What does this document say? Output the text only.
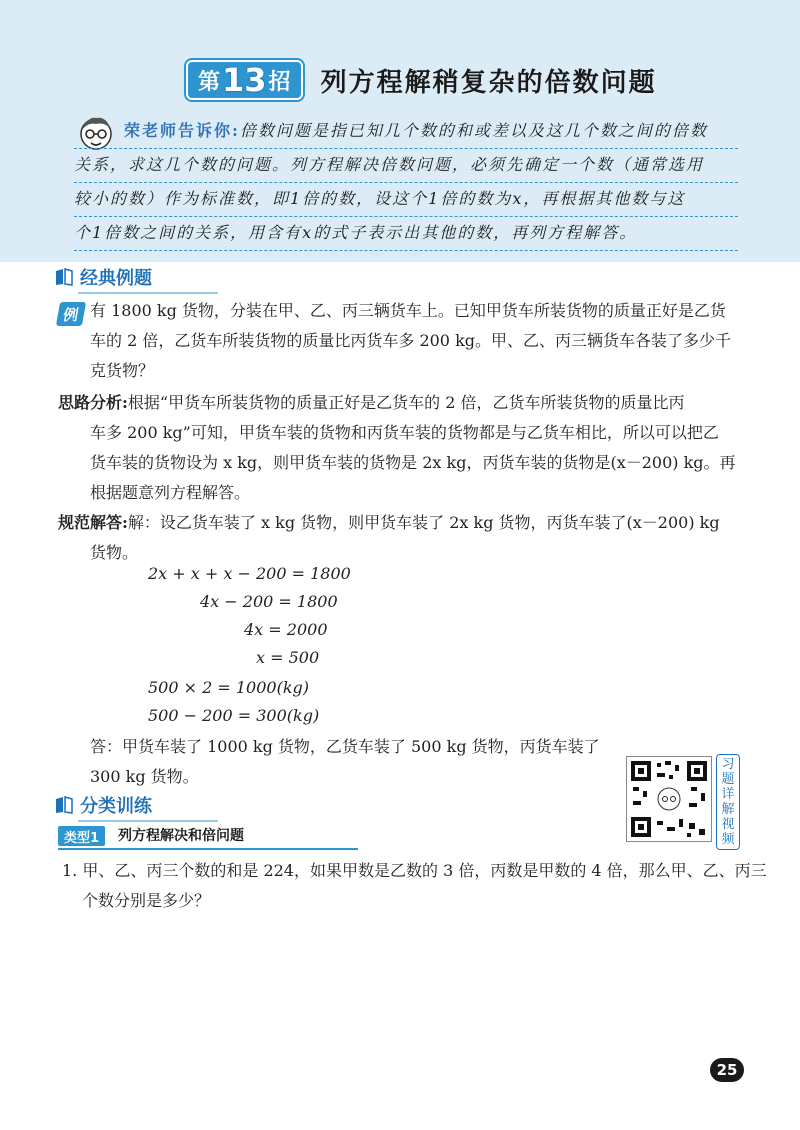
第 13 招 列方程解稍复杂的倍数问题
荣老师告诉你:倍数问题是指已知几个数的和或差以及这几个数之间的倍数
关系，求这几个数的问题。列方程解决倍数问题，必须先确定一个数（通常选用
较小的数）作为标准数，即1倍的数，设这个1倍的数为x，再根据其他数与这
个1倍数之间的关系，用含有x的式子表示出其他的数，再列方程解答。
经典例题
例 有 1800 kg 货物，分装在甲、乙、丙三辆货车上。已知甲货车所装货物的质量正好是乙货
车的 2 倍，乙货车所装货物的质量比丙货车多 200 kg。甲、乙、丙三辆货车各装了多少千
克货物？
思路分析:根据“甲货车所装货物的质量正好是乙货车的 2 倍，乙货车所装货物的质量比丙
车多 200 kg”可知，甲货车装的货物和丙货车装的货物都是与乙货车相比，所以可以把乙
货车装的货物设为 x kg，则甲货车装的货物是 2x kg，丙货车装的货物是(x－200) kg。再
根据题意列方程解答。
规范解答:解：设乙货车装了 x kg 货物，则甲货车装了 2x kg 货物，丙货车装了(x－200) kg
货物。
2x + x + x − 200 = 1800
4x − 200 = 1800
4x = 2000
x = 500
500 × 2 = 1000(kg)
500 − 200 = 300(kg)
答：甲货车装了 1000 kg 货物，乙货车装了 500 kg 货物，丙货车装了
300 kg 货物。
习
题
详
解
视
频
分类训练
类型1	列方程解决和倍问题
1. 甲、乙、丙三个数的和是 224，如果甲数是乙数的 3 倍，丙数是甲数的 4 倍，那么甲、乙、丙三
个数分别是多少？
25
